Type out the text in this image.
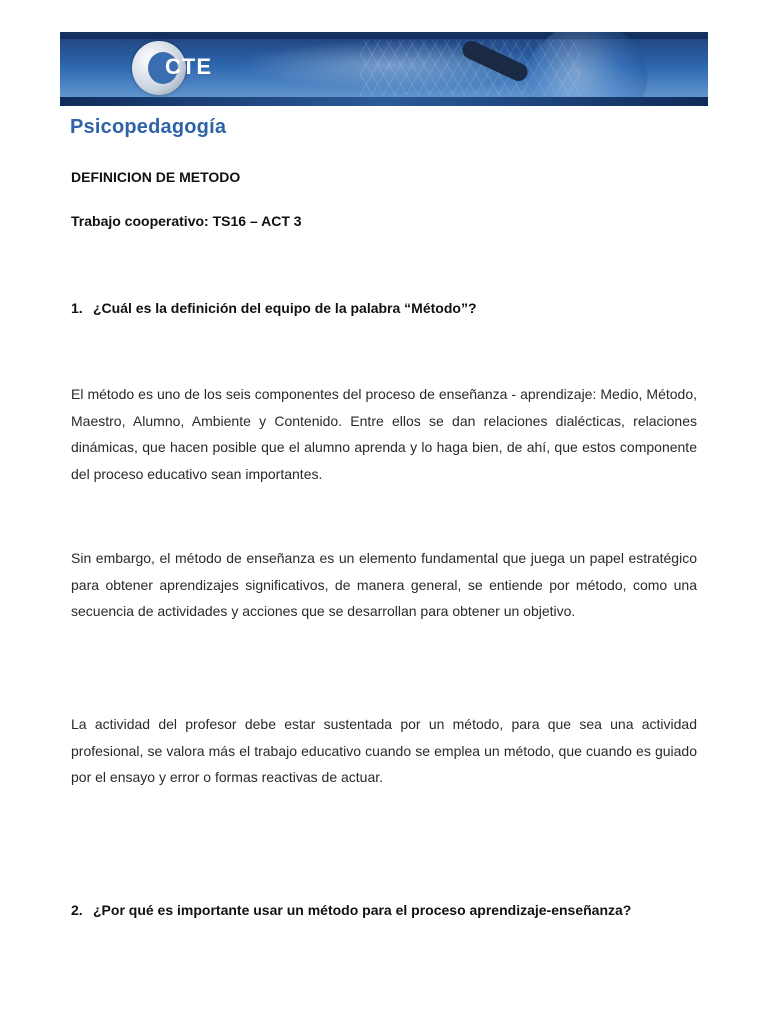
CTE
Psicopedagogía
DEFINICION DE METODO
Trabajo cooperativo: TS16 – ACT 3
1. ¿Cuál es la definición del equipo de la palabra “Método”?
El método es uno de los seis componentes del proceso de enseñanza - aprendizaje: Medio, Método, Maestro, Alumno, Ambiente y Contenido. Entre ellos se dan relaciones dialécticas, relaciones dinámicas, que hacen posible que el alumno aprenda y lo haga bien, de ahí, que estos componente del proceso educativo sean importantes.
Sin embargo, el método de enseñanza es un elemento fundamental que juega un papel estratégico para obtener aprendizajes significativos, de manera general, se entiende por método, como una secuencia de actividades y acciones que se desarrollan para obtener un objetivo.
La actividad del profesor debe estar sustentada por un método, para que sea una actividad profesional, se valora más el trabajo educativo cuando se emplea un método, que cuando es guiado por el ensayo y error o formas reactivas de actuar.
2. ¿Por qué es importante usar un método para el proceso aprendizaje-enseñanza?
